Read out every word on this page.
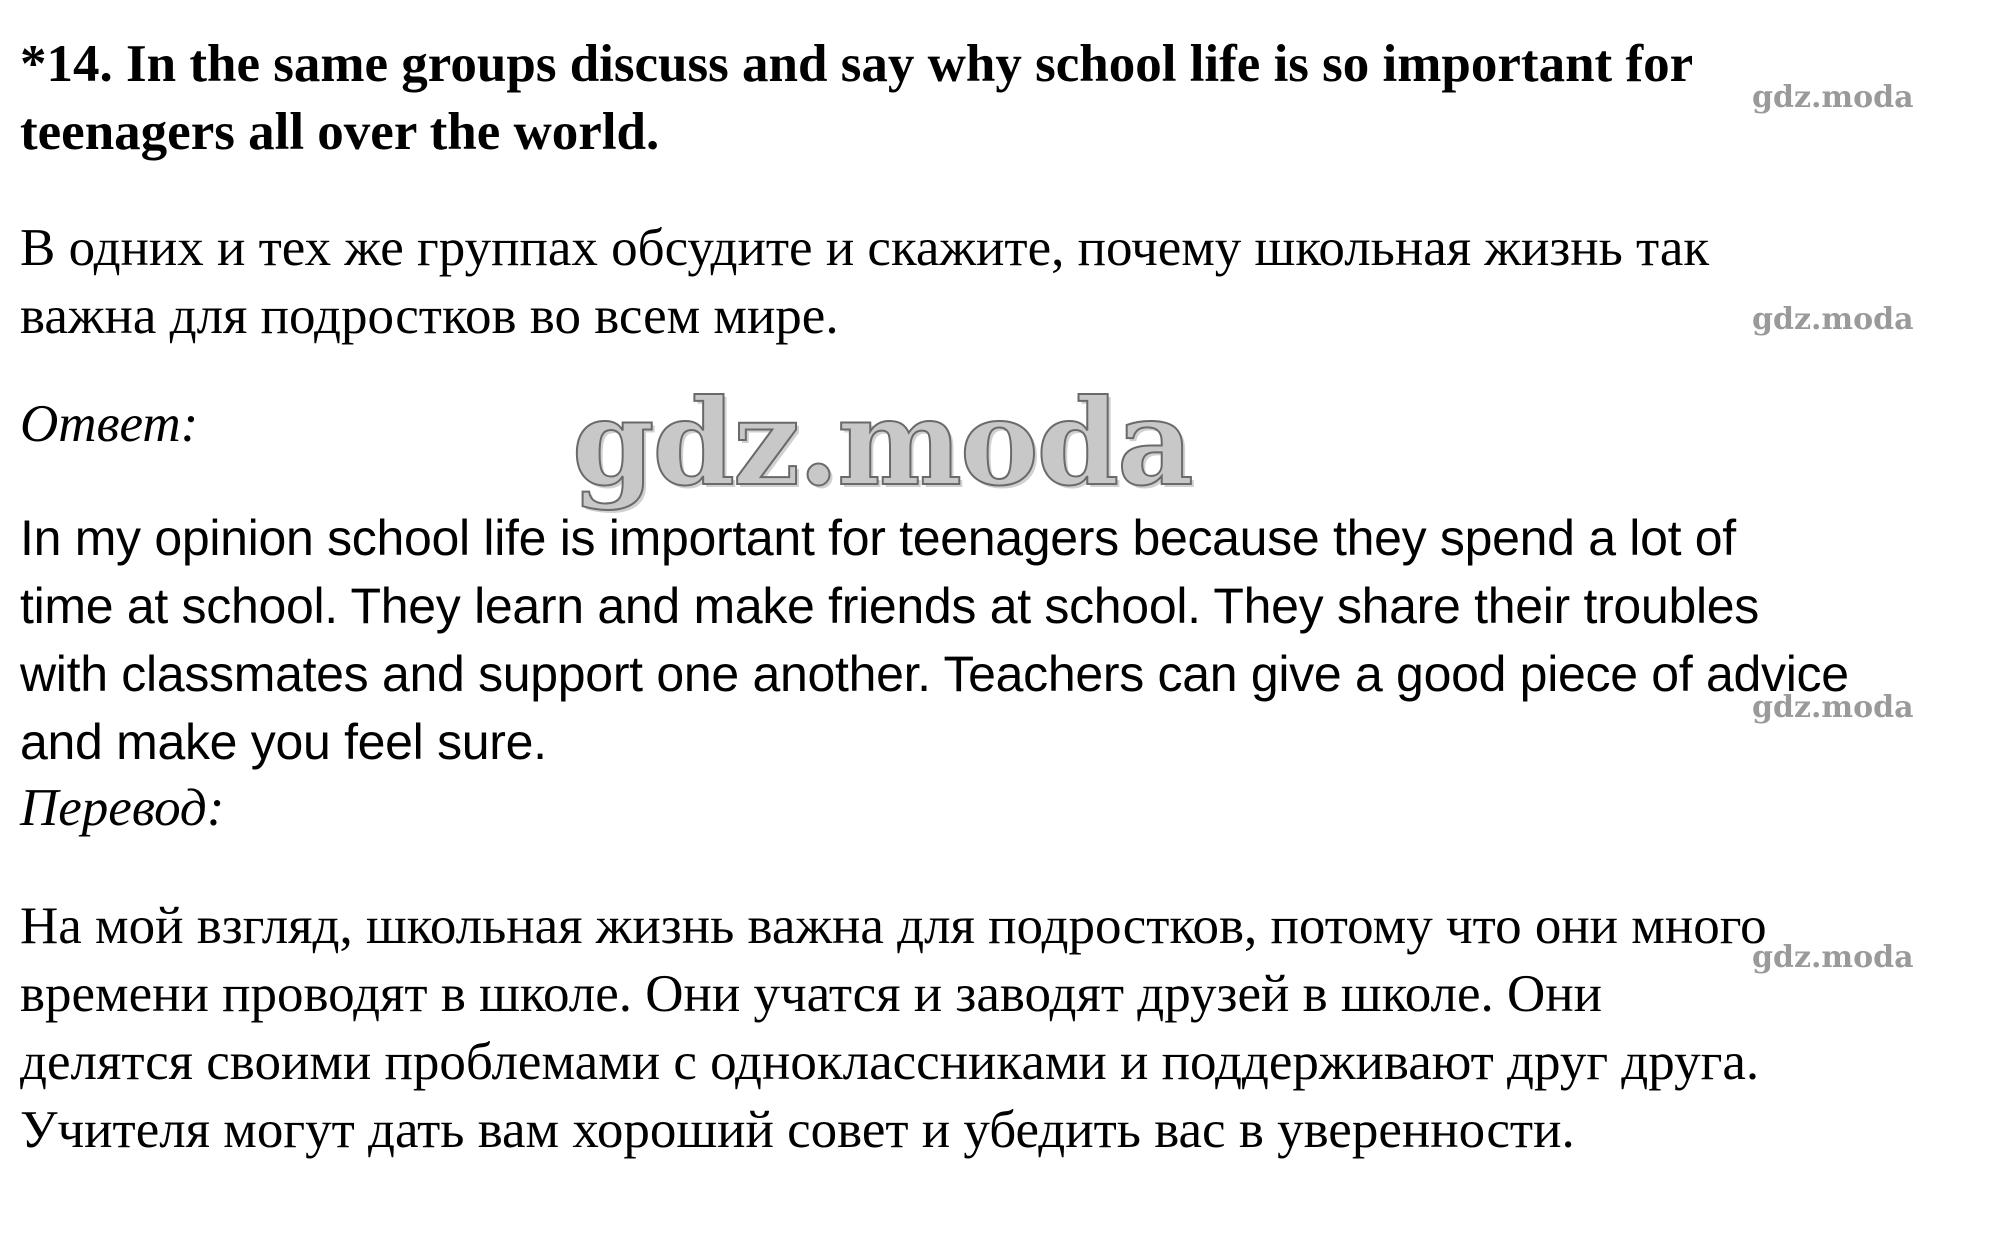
*14. In the same groups discuss and say why school life is so important for

teenagers all over the world.

В одних и тех же группах обсудите и скажите, почему школьная жизнь так

важна для подростков во всем мире.

Ответ:

In my opinion school life is important for teenagers because they spend a lot of

time at school. They learn and make friends at school. They share their troubles

with classmates and support one another. Teachers can give a good piece of advice

and make you feel sure.

Перевод:

На мой взгляд, школьная жизнь важна для подростков, потому что они много

времени проводят в школе. Они учатся и заводят друзей в школе. Они

делятся своими проблемами с одноклассниками и поддерживают друг друга.

Учителя могут дать вам хороший совет и убедить вас в уверенности.

gdz.moda
gdz.moda
gdz.moda
gdz.moda
gdz.moda
